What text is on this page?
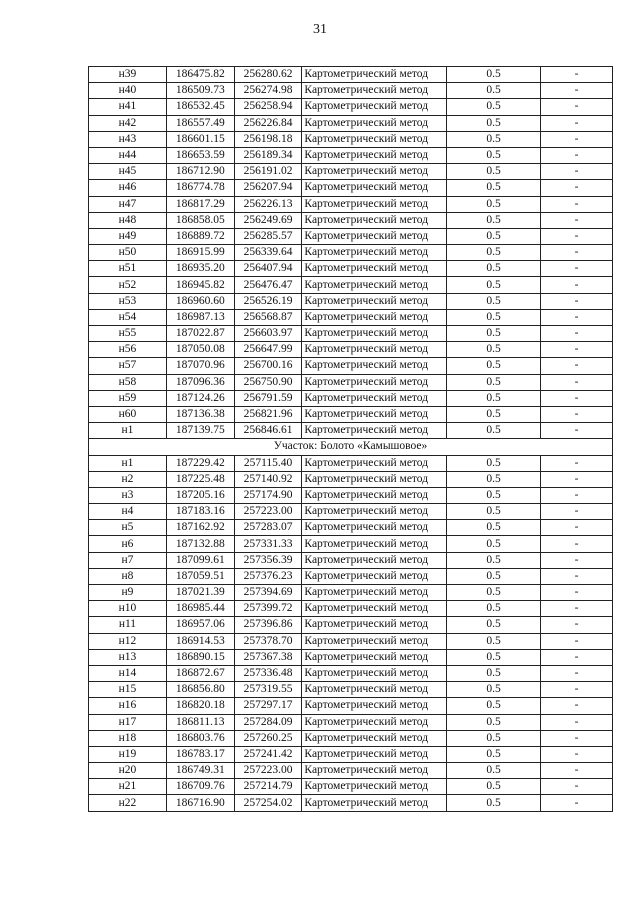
31
н39	186475.82	256280.62	Картометрический метод	0.5	-
н40	186509.73	256274.98	Картометрический метод	0.5	-
н41	186532.45	256258.94	Картометрический метод	0.5	-
н42	186557.49	256226.84	Картометрический метод	0.5	-
н43	186601.15	256198.18	Картометрический метод	0.5	-
н44	186653.59	256189.34	Картометрический метод	0.5	-
н45	186712.90	256191.02	Картометрический метод	0.5	-
н46	186774.78	256207.94	Картометрический метод	0.5	-
н47	186817.29	256226.13	Картометрический метод	0.5	-
н48	186858.05	256249.69	Картометрический метод	0.5	-
н49	186889.72	256285.57	Картометрический метод	0.5	-
н50	186915.99	256339.64	Картометрический метод	0.5	-
н51	186935.20	256407.94	Картометрический метод	0.5	-
н52	186945.82	256476.47	Картометрический метод	0.5	-
н53	186960.60	256526.19	Картометрический метод	0.5	-
н54	186987.13	256568.87	Картометрический метод	0.5	-
н55	187022.87	256603.97	Картометрический метод	0.5	-
н56	187050.08	256647.99	Картометрический метод	0.5	-
н57	187070.96	256700.16	Картометрический метод	0.5	-
н58	187096.36	256750.90	Картометрический метод	0.5	-
н59	187124.26	256791.59	Картометрический метод	0.5	-
н60	187136.38	256821.96	Картометрический метод	0.5	-
н1	187139.75	256846.61	Картометрический метод	0.5	-
Участок: Болото «Камышовое»					
н1	187229.42	257115.40	Картометрический метод	0.5	-
н2	187225.48	257140.92	Картометрический метод	0.5	-
н3	187205.16	257174.90	Картометрический метод	0.5	-
н4	187183.16	257223.00	Картометрический метод	0.5	-
н5	187162.92	257283.07	Картометрический метод	0.5	-
н6	187132.88	257331.33	Картометрический метод	0.5	-
н7	187099.61	257356.39	Картометрический метод	0.5	-
н8	187059.51	257376.23	Картометрический метод	0.5	-
н9	187021.39	257394.69	Картометрический метод	0.5	-
н10	186985.44	257399.72	Картометрический метод	0.5	-
н11	186957.06	257396.86	Картометрический метод	0.5	-
н12	186914.53	257378.70	Картометрический метод	0.5	-
н13	186890.15	257367.38	Картометрический метод	0.5	-
н14	186872.67	257336.48	Картометрический метод	0.5	-
н15	186856.80	257319.55	Картометрический метод	0.5	-
н16	186820.18	257297.17	Картометрический метод	0.5	-
н17	186811.13	257284.09	Картометрический метод	0.5	-
н18	186803.76	257260.25	Картометрический метод	0.5	-
н19	186783.17	257241.42	Картометрический метод	0.5	-
н20	186749.31	257223.00	Картометрический метод	0.5	-
н21	186709.76	257214.79	Картометрический метод	0.5	-
н22	186716.90	257254.02	Картометрический метод	0.5	-
